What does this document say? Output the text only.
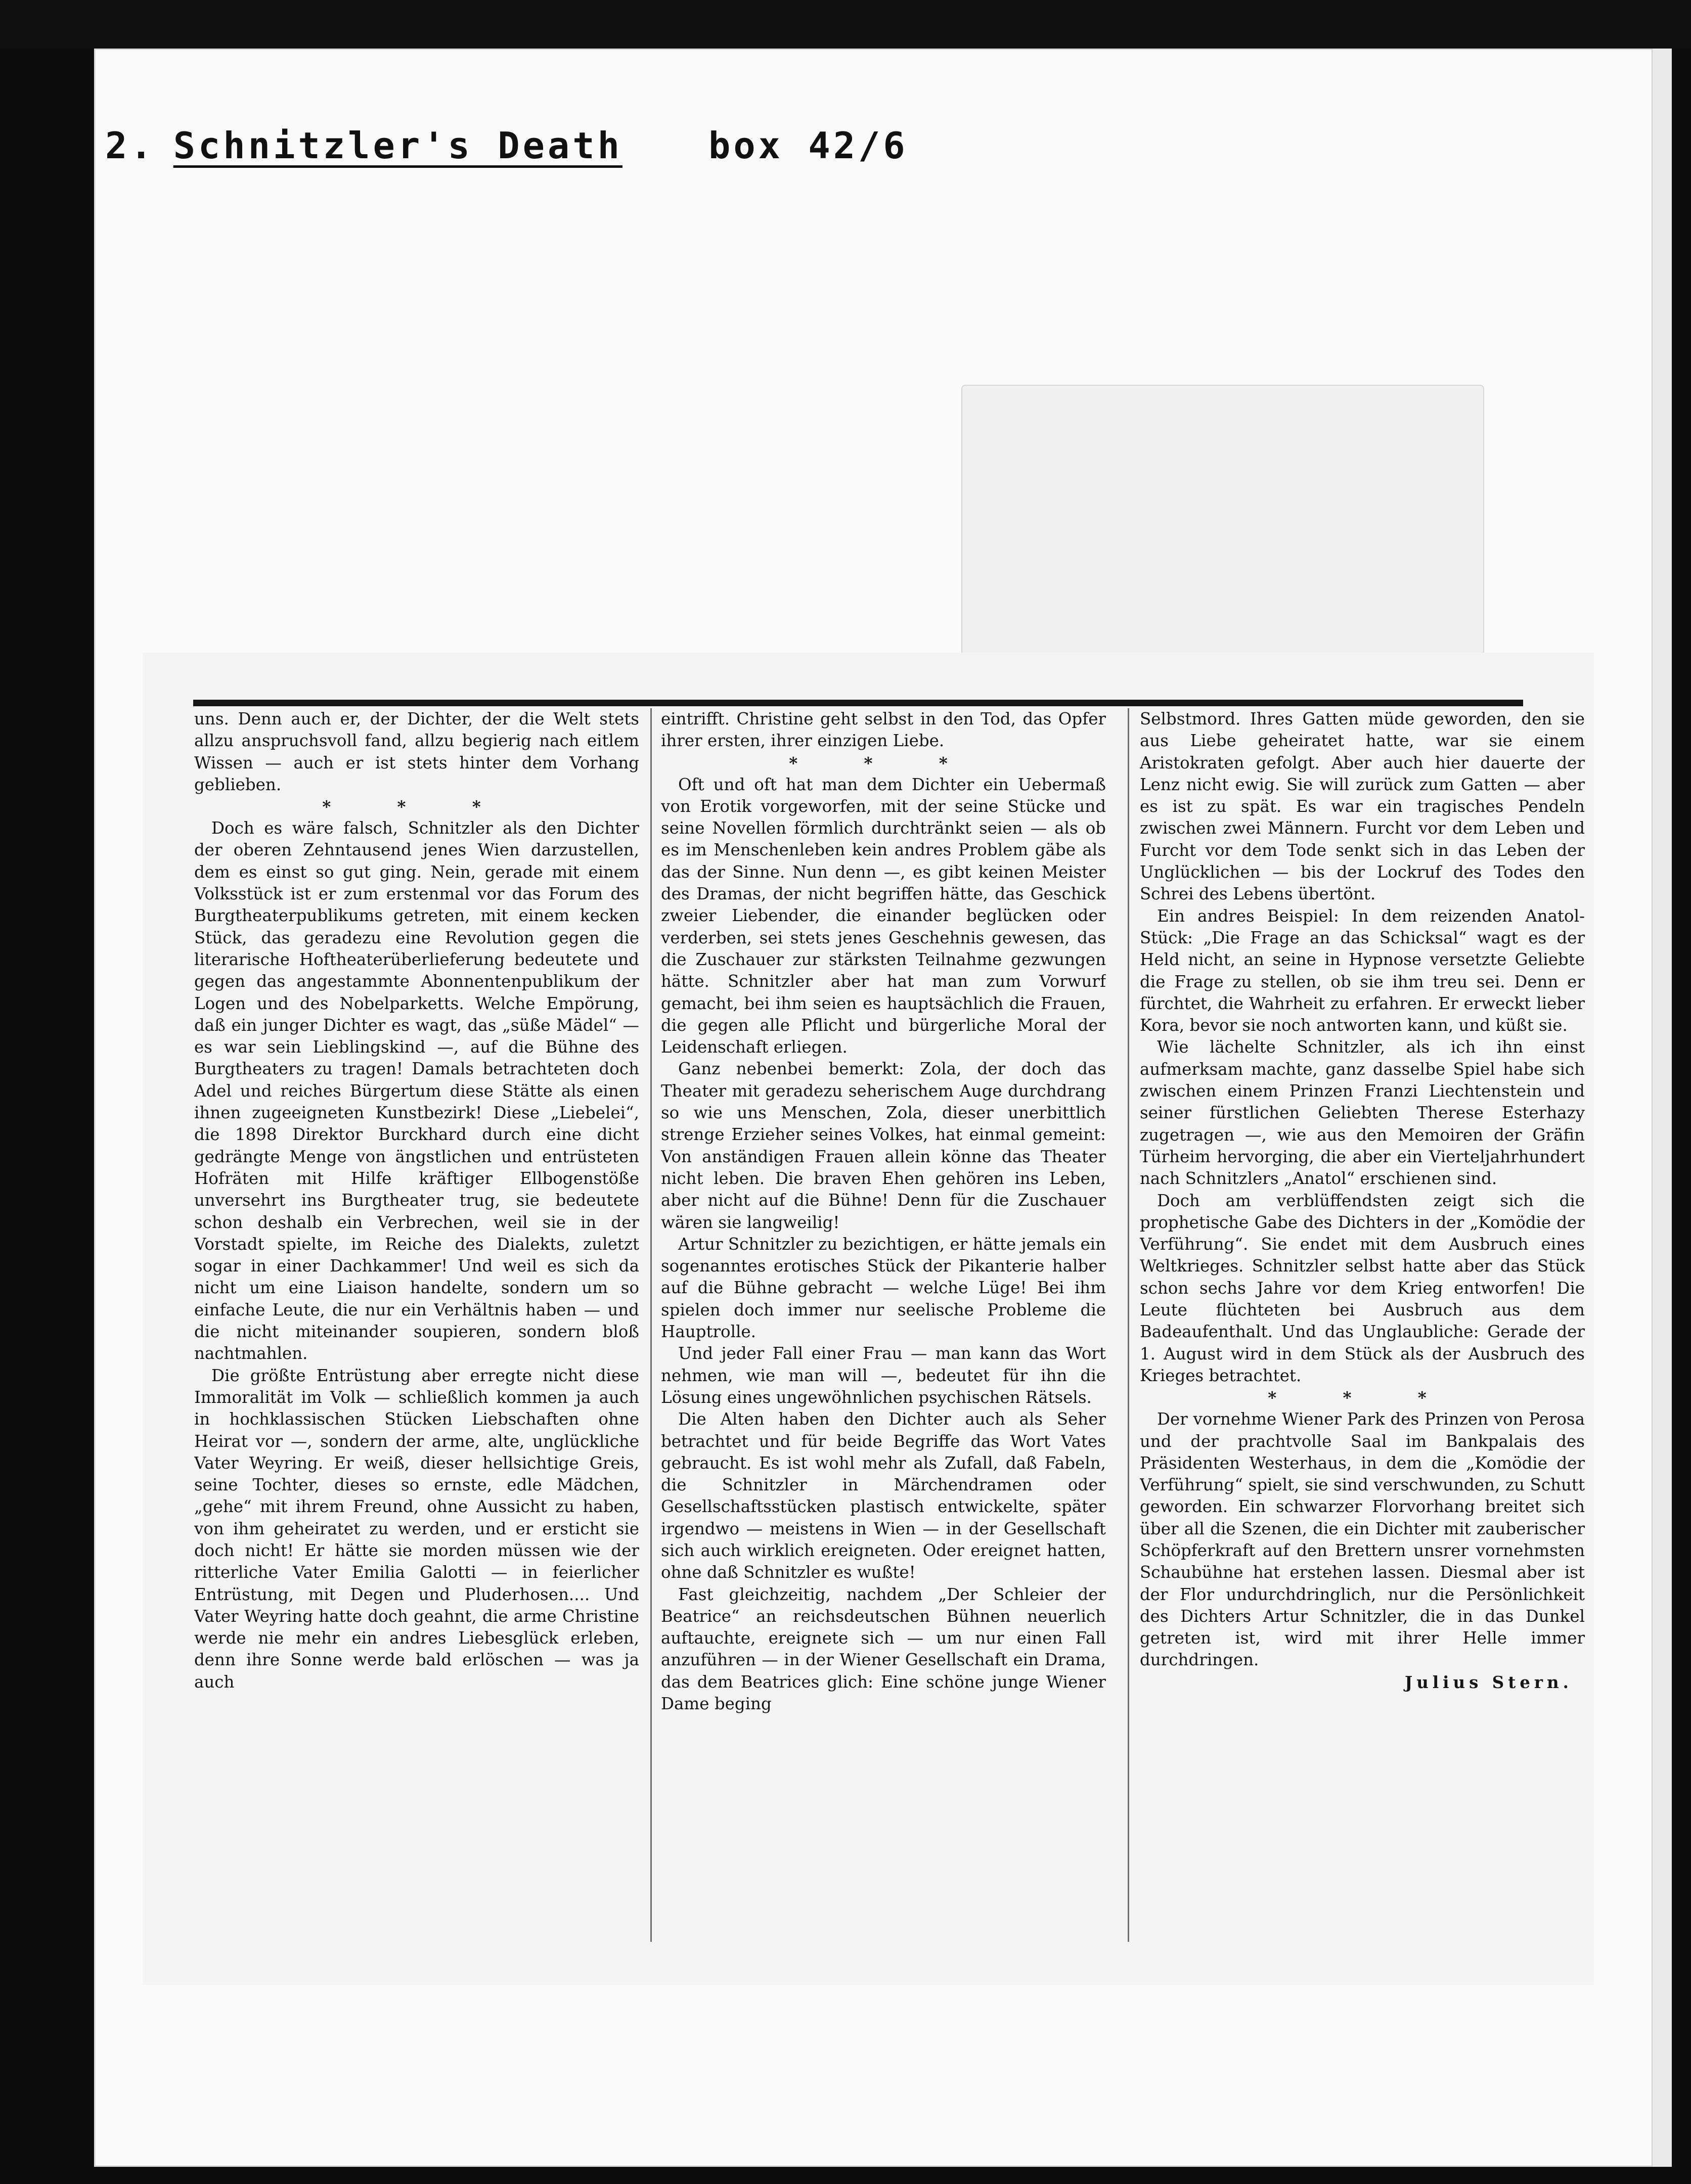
2. Schnitzler's Death box 42/6

uns. Denn auch er, der Dichter, der die Welt stets allzu anspruchsvoll fand, allzu begierig nach eitlem Wissen — auch er ist stets hinter dem Vorhang geblieben.

* * *

Doch es wäre falsch, Schnitzler als den Dichter der oberen Zehntausend jenes Wien darzustellen, dem es einst so gut ging. Nein, gerade mit einem Volksstück ist er zum erstenmal vor das Forum des Burgtheaterpublikums getreten, mit einem kecken Stück, das geradezu eine Revolution gegen die literarische Hoftheaterüberlieferung bedeutete und gegen das angestammte Abonnentenpublikum der Logen und des Nobelparketts. Welche Empörung, daß ein junger Dichter es wagt, das „süße Mädel“ — es war sein Lieblingskind —, auf die Bühne des Burgtheaters zu tragen! Damals betrachteten doch Adel und reiches Bürgertum diese Stätte als einen ihnen zugeeigneten Kunstbezirk! Diese „Liebelei“, die 1898 Direktor Burckhard durch eine dicht gedrängte Menge von ängstlichen und entrüsteten Hofräten mit Hilfe kräftiger Ellbogenstöße unversehrt ins Burgtheater trug, sie bedeutete schon deshalb ein Verbrechen, weil sie in der Vorstadt spielte, im Reiche des Dialekts, zuletzt sogar in einer Dachkammer! Und weil es sich da nicht um eine Liaison handelte, sondern um so einfache Leute, die nur ein Verhältnis haben — und die nicht miteinander soupieren, sondern bloß nachtmahlen.

Die größte Entrüstung aber erregte nicht diese Immoralität im Volk — schließlich kommen ja auch in hochklassischen Stücken Liebschaften ohne Heirat vor —, sondern der arme, alte, unglückliche Vater Weyring. Er weiß, dieser hellsichtige Greis, seine Tochter, dieses so ernste, edle Mädchen, „gehe“ mit ihrem Freund, ohne Aussicht zu haben, von ihm geheiratet zu werden, und er ersticht sie doch nicht! Er hätte sie morden müssen wie der ritterliche Vater Emilia Galotti — in feierlicher Entrüstung, mit Degen und Pluderhosen.... Und Vater Weyring hatte doch geahnt, die arme Christine werde nie mehr ein andres Liebesglück erleben, denn ihre Sonne werde bald erlöschen — was ja auch

eintrifft. Christine geht selbst in den Tod, das Opfer ihrer ersten, ihrer einzigen Liebe.

* * *

Oft und oft hat man dem Dichter ein Uebermaß von Erotik vorgeworfen, mit der seine Stücke und seine Novellen förmlich durchtränkt seien — als ob es im Menschenleben kein andres Problem gäbe als das der Sinne. Nun denn —, es gibt keinen Meister des Dramas, der nicht begriffen hätte, das Geschick zweier Liebender, die einander beglücken oder verderben, sei stets jenes Geschehnis gewesen, das die Zuschauer zur stärksten Teilnahme gezwungen hätte. Schnitzler aber hat man zum Vorwurf gemacht, bei ihm seien es hauptsächlich die Frauen, die gegen alle Pflicht und bürgerliche Moral der Leidenschaft erliegen.

Ganz nebenbei bemerkt: Zola, der doch das Theater mit geradezu seherischem Auge durchdrang so wie uns Menschen, Zola, dieser unerbittlich strenge Erzieher seines Volkes, hat einmal gemeint: Von anständigen Frauen allein könne das Theater nicht leben. Die braven Ehen gehören ins Leben, aber nicht auf die Bühne! Denn für die Zuschauer wären sie langweilig!

Artur Schnitzler zu bezichtigen, er hätte jemals ein sogenanntes erotisches Stück der Pikanterie halber auf die Bühne gebracht — welche Lüge! Bei ihm spielen doch immer nur seelische Probleme die Hauptrolle.

Und jeder Fall einer Frau — man kann das Wort nehmen, wie man will —, bedeutet für ihn die Lösung eines ungewöhnlichen psychischen Rätsels.

Die Alten haben den Dichter auch als Seher betrachtet und für beide Begriffe das Wort Vates gebraucht. Es ist wohl mehr als Zufall, daß Fabeln, die Schnitzler in Märchendramen oder Gesellschaftsstücken plastisch entwickelte, später irgendwo — meistens in Wien — in der Gesellschaft sich auch wirklich ereigneten. Oder ereignet hatten, ohne daß Schnitzler es wußte!

Fast gleichzeitig, nachdem „Der Schleier der Beatrice“ an reichsdeutschen Bühnen neuerlich auftauchte, ereignete sich — um nur einen Fall anzuführen — in der Wiener Gesellschaft ein Drama, das dem Beatrices glich: Eine schöne junge Wiener Dame beging

Selbstmord. Ihres Gatten müde geworden, den sie aus Liebe geheiratet hatte, war sie einem Aristokraten gefolgt. Aber auch hier dauerte der Lenz nicht ewig. Sie will zurück zum Gatten — aber es ist zu spät. Es war ein tragisches Pendeln zwischen zwei Männern. Furcht vor dem Leben und Furcht vor dem Tode senkt sich in das Leben der Unglücklichen — bis der Lockruf des Todes den Schrei des Lebens übertönt.

Ein andres Beispiel: In dem reizenden Anatol-Stück: „Die Frage an das Schicksal“ wagt es der Held nicht, an seine in Hypnose versetzte Geliebte die Frage zu stellen, ob sie ihm treu sei. Denn er fürchtet, die Wahrheit zu erfahren. Er erweckt lieber Kora, bevor sie noch antworten kann, und küßt sie.

Wie lächelte Schnitzler, als ich ihn einst aufmerksam machte, ganz dasselbe Spiel habe sich zwischen einem Prinzen Franzi Liechtenstein und seiner fürstlichen Geliebten Therese Esterhazy zugetragen —, wie aus den Memoiren der Gräfin Türheim hervorging, die aber ein Vierteljahrhundert nach Schnitzlers „Anatol“ erschienen sind.

Doch am verblüffendsten zeigt sich die prophetische Gabe des Dichters in der „Komödie der Verführung“. Sie endet mit dem Ausbruch eines Weltkrieges. Schnitzler selbst hatte aber das Stück schon sechs Jahre vor dem Krieg entworfen! Die Leute flüchteten bei Ausbruch aus dem Badeaufenthalt. Und das Unglaubliche: Gerade der 1. August wird in dem Stück als der Ausbruch des Krieges betrachtet.

* * *

Der vornehme Wiener Park des Prinzen von Perosa und der prachtvolle Saal im Bankpalais des Präsidenten Westerhaus, in dem die „Komödie der Verführung“ spielt, sie sind verschwunden, zu Schutt geworden. Ein schwarzer Florvorhang breitet sich über all die Szenen, die ein Dichter mit zauberischer Schöpferkraft auf den Brettern unsrer vornehmsten Schaubühne hat erstehen lassen. Diesmal aber ist der Flor undurchdringlich, nur die Persönlichkeit des Dichters Artur Schnitzler, die in das Dunkel getreten ist, wird mit ihrer Helle immer durchdringen.

Julius Stern.
